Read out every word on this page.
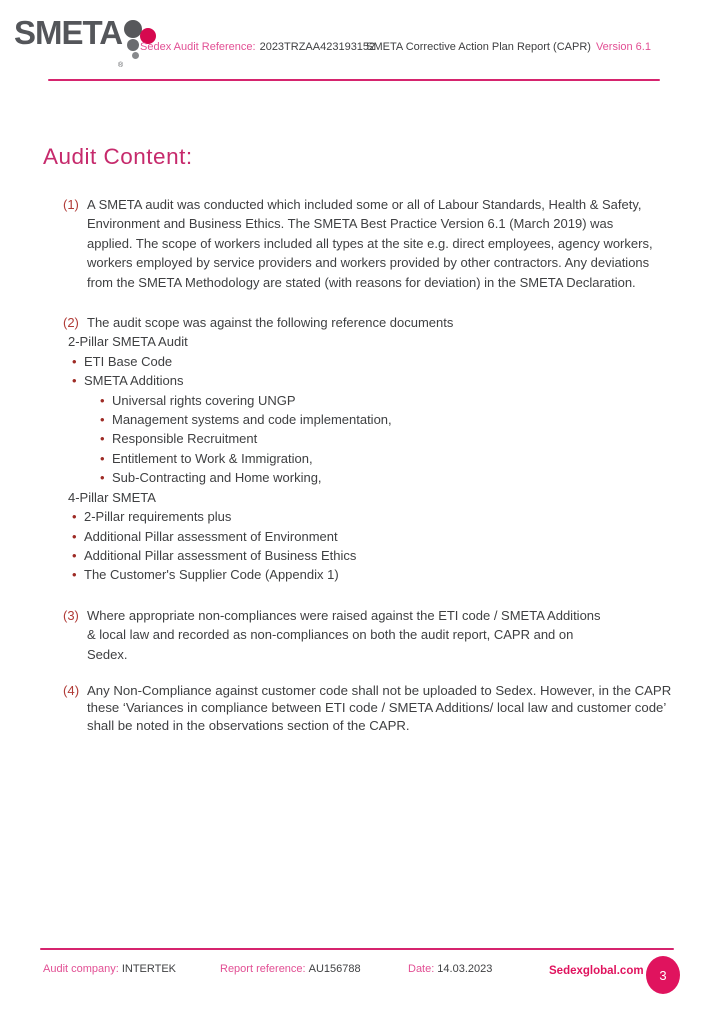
SMETA
®
Sedex Audit Reference: 2023TRZAA423193152SMETA Corrective Action Plan Report (CAPR) Version 6.1
Audit Content:
(1) A SMETA audit was conducted which included some or all of Labour Standards, Health & Safety, Environment and Business Ethics. The SMETA Best Practice Version 6.1 (March 2019) was applied. The scope of workers included all types at the site e.g. direct employees, agency workers, workers employed by service providers and workers provided by other contractors. Any deviations from the SMETA Methodology are stated (with reasons for deviation) in the SMETA Declaration.
(2) The audit scope was against the following reference documents
2-Pillar SMETA Audit
• ETI Base Code
• SMETA Additions
• Universal rights covering UNGP
• Management systems and code implementation,
• Responsible Recruitment
• Entitlement to Work & Immigration,
• Sub-Contracting and Home working,
4-Pillar SMETA
• 2-Pillar requirements plus
• Additional Pillar assessment of Environment
• Additional Pillar assessment of Business Ethics
• The Customer's Supplier Code (Appendix 1)
(3) Where appropriate non-compliances were raised against the ETI code / SMETA Additions & local law and recorded as non-compliances on both the audit report, CAPR and on Sedex.
(4) Any Non-Compliance against customer code shall not be uploaded to Sedex. However, in the CAPR these ‘Variances in compliance between ETI code / SMETA Additions/ local law and customer code’ shall be noted in the observations section of the CAPR.
Audit company: INTERTEK	Report reference: AU156788	Date: 14.03.2023	Sedexglobal.com 3
